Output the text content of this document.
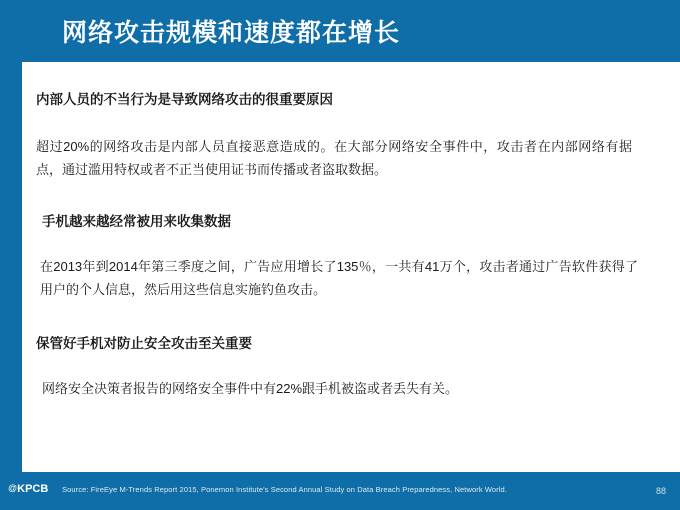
网络攻击规模和速度都在增长
内部人员的不当行为是导致网络攻击的很重要原因
超过20%的网络攻击是内部人员直接恶意造成的。在大部分网络安全事件中，攻击者在内部网络有据点，通过滥用特权或者不正当使用证书而传播或者盗取数据。
手机越来越经常被用来收集数据
在2013年到2014年第三季度之间，广告应用增长了135％，一共有41万个，攻击者通过广告软件获得了用户的个人信息，然后用这些信息实施钓鱼攻击。
保管好手机对防止安全攻击至关重要
网络安全决策者报告的网络安全事件中有22%跟手机被盗或者丢失有关。
@KPCB Source: FireEye M-Trends Report 2015, Ponemon Institute's Second Annual Study on Data Breach Preparedness, Network World.	88
